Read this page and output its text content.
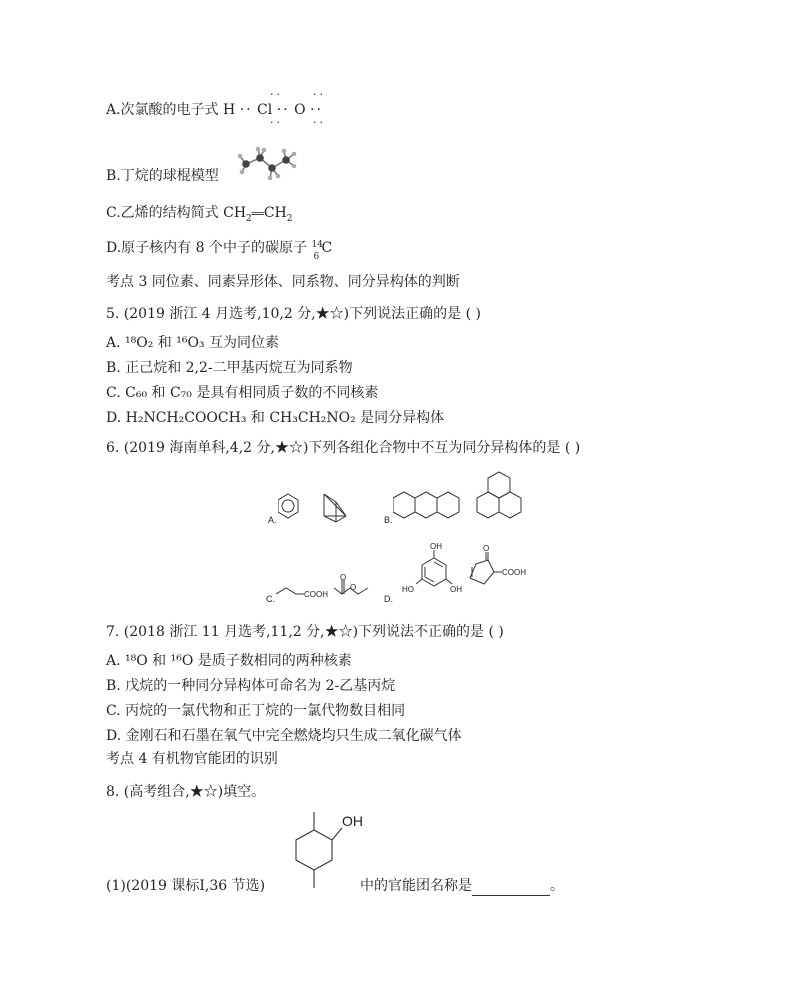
A.次氯酸的电子式 H ·· Cl ·· O ··
··
··
··
··
B.丁烷的球棍模型
C.乙烯的结构简式 $CH_2══CH_2$
D.原子核内有 8 个中子的碳原子 14
6
C
考点 3 同位素、同素异形体、同系物、同分异构体的判断
5. (2019 浙江 4 月选考,10,2 分,★☆)下列说法正确的是 ( )
A. ¹⁸O₂ 和 ¹⁶O₃ 互为同位素
B. 正己烷和 2,2-二甲基丙烷互为同系物
C. C₆₀ 和 C₇₀ 是具有相同质子数的不同核素
D. H₂NCH₂COOCH₃ 和 CH₃CH₂NO₂ 是同分异构体
6. (2019 海南单科,4,2 分,★☆)下列各组化合物中不互为同分异构体的是 ( )
A.	B.
C.	COOH
O
O
D.
OH
OH
HO
O
COOH
7. (2018 浙江 11 月选考,11,2 分,★☆)下列说法不正确的是 ( )
A. ¹⁸O 和 ¹⁶O 是质子数相同的两种核素
B. 戊烷的一种同分异构体可命名为 2-乙基丙烷
C. 丙烷的一氯代物和正丁烷的一氯代物数目相同
D. 金刚石和石墨在氧气中完全燃烧均只生成二氧化碳气体
考点 4 有机物官能团的识别
8. (高考组合,★☆)填空。
OH
(1)(2019 课标Ⅰ,36 节选)	中的官能团名称是	。
